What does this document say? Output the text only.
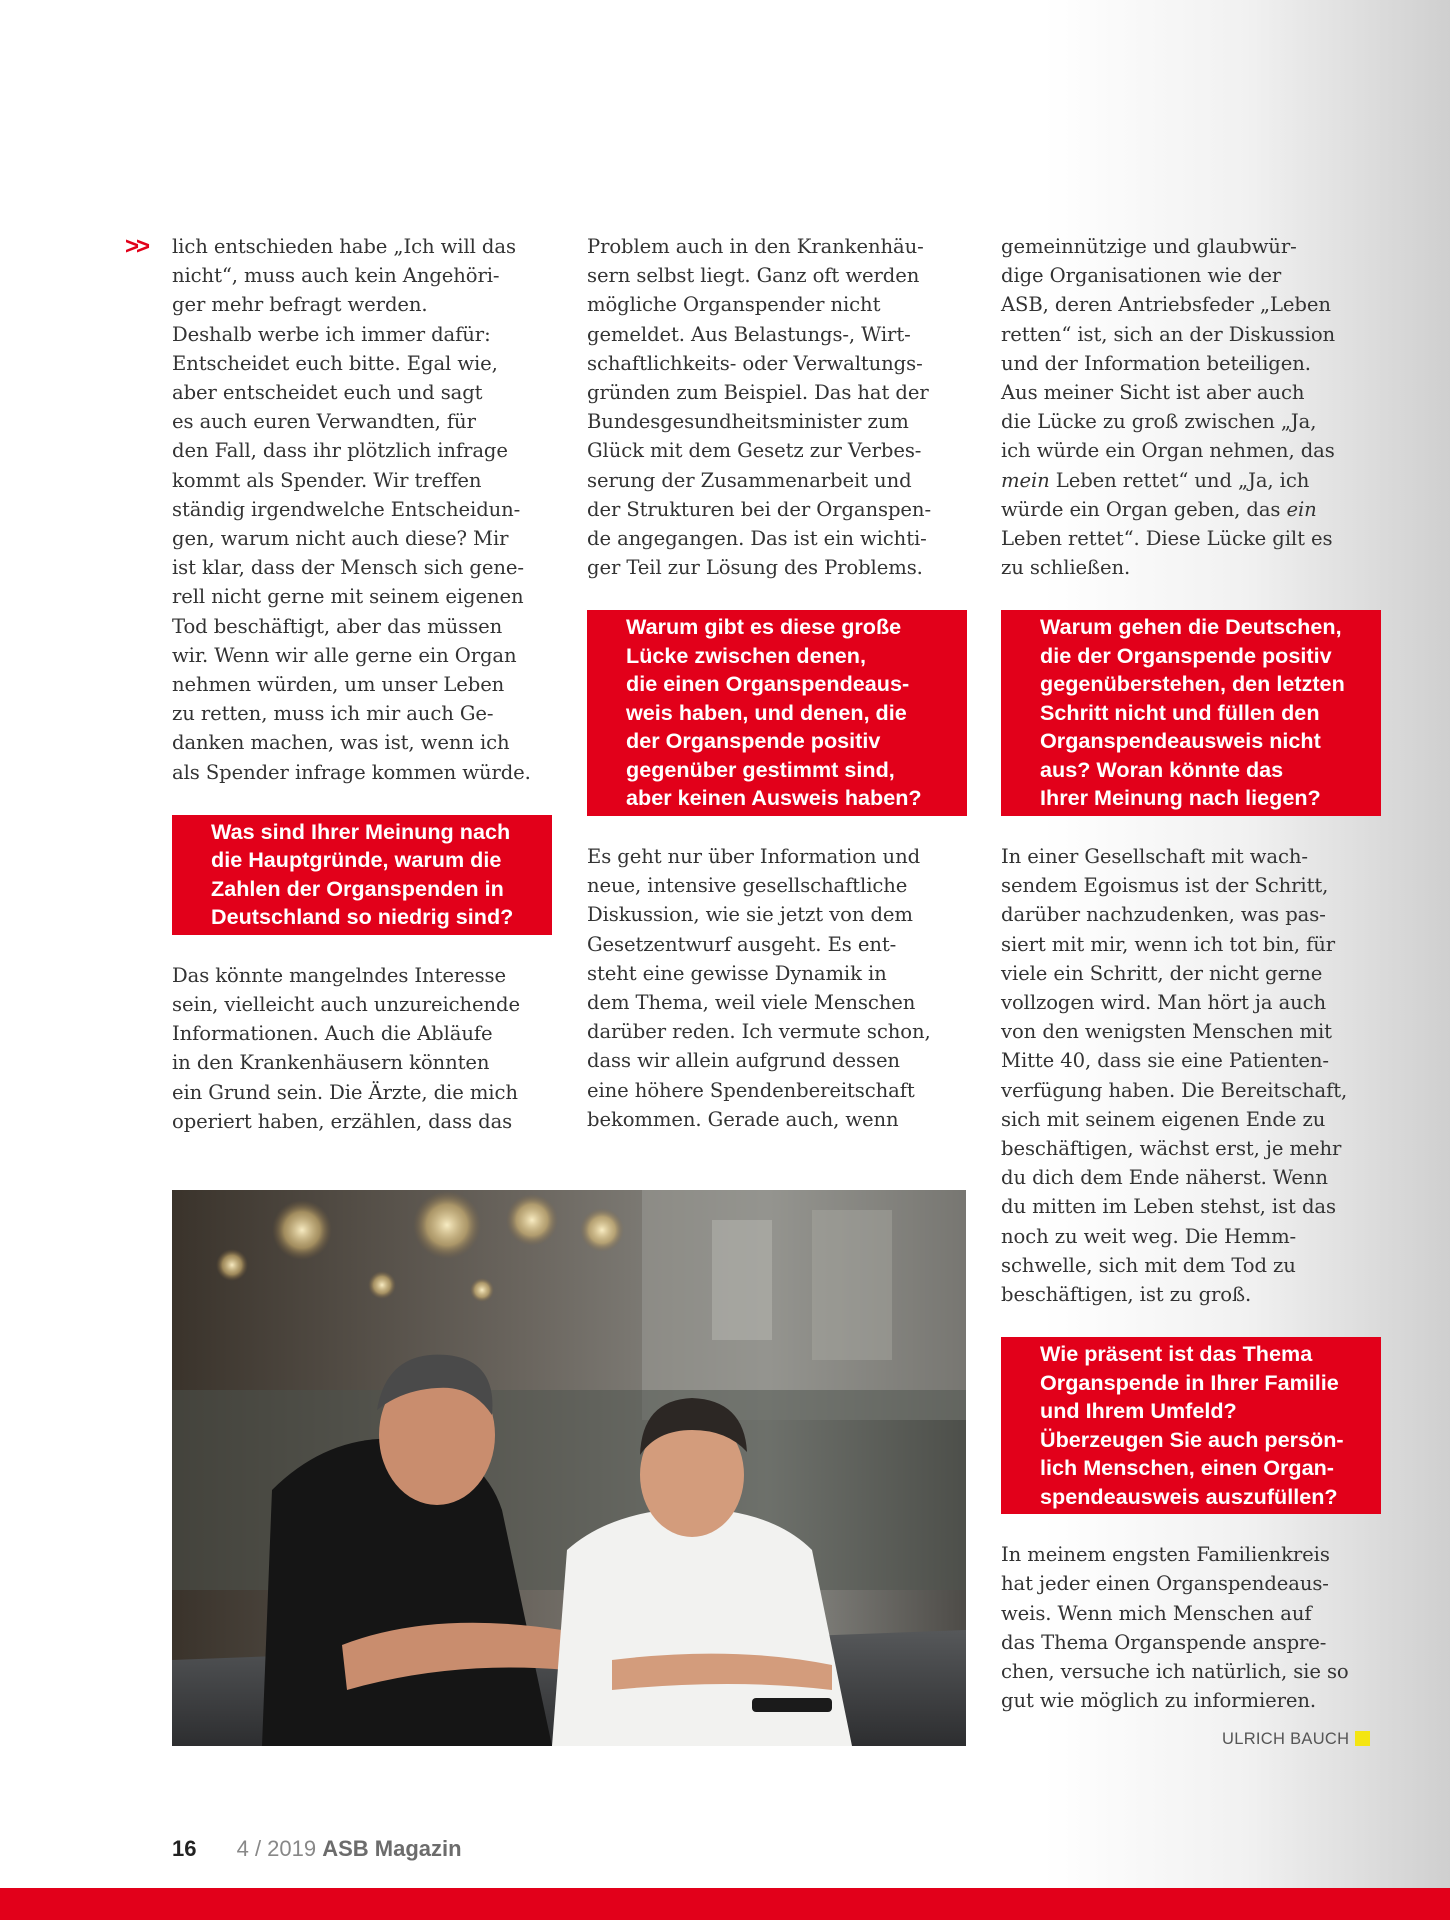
>> lich entschieden habe „Ich will das
nicht“, muss auch kein Angehöri-
ger mehr befragt werden.
Deshalb werbe ich immer dafür:
Entscheidet euch bitte. Egal wie,
aber entscheidet euch und sagt
es auch euren Verwandten, für
den Fall, dass ihr plötzlich infrage
kommt als Spender. Wir treffen
ständig irgendwelche Entscheidun-
gen, warum nicht auch diese? Mir
ist klar, dass der Mensch sich gene-
rell nicht gerne mit seinem eigenen
Tod beschäftigt, aber das müssen
wir. Wenn wir alle gerne ein Organ
nehmen würden, um unser Leben
zu retten, muss ich mir auch Ge-
danken machen, was ist, wenn ich
als Spender infrage kommen würde.

Was sind Ihrer Meinung nach
die Hauptgründe, warum die
Zahlen der Organspenden in
Deutschland so niedrig sind?

Das könnte mangelndes Interesse
sein, vielleicht auch unzureichende
Informationen. Auch die Abläufe
in den Krankenhäusern könnten
ein Grund sein. Die Ärzte, die mich
operiert haben, erzählen, dass das

Problem auch in den Krankenhäu-
sern selbst liegt. Ganz oft werden
mögliche Organspender nicht
gemeldet. Aus Belastungs-, Wirt-
schaftlichkeits- oder Verwaltungs-
gründen zum Beispiel. Das hat der
Bundesgesundheitsminister zum
Glück mit dem Gesetz zur Verbes-
serung der Zusammenarbeit und
der Strukturen bei der Organspen-
de angegangen. Das ist ein wichti-
ger Teil zur Lösung des Problems.

Warum gibt es diese große
Lücke zwischen denen,
die einen Organspendeaus-
weis haben, und denen, die
der Organspende positiv
gegenüber gestimmt sind,
aber keinen Ausweis haben?

Es geht nur über Information und
neue, intensive gesellschaftliche
Diskussion, wie sie jetzt von dem
Gesetzentwurf ausgeht. Es ent-
steht eine gewisse Dynamik in
dem Thema, weil viele Menschen
darüber reden. Ich vermute schon,
dass wir allein aufgrund dessen
eine höhere Spendenbereitschaft
bekommen. Gerade auch, wenn

gemeinnützige und glaubwür-
dige Organisationen wie der
ASB, deren Antriebsfeder „Leben
retten“ ist, sich an der Diskussion
und der Information beteiligen.
Aus meiner Sicht ist aber auch
die Lücke zu groß zwischen „Ja,
ich würde ein Organ nehmen, das
mein Leben rettet“ und „Ja, ich
würde ein Organ geben, das ein
Leben rettet“. Diese Lücke gilt es
zu schließen.

Warum gehen die Deutschen,
die der Organspende positiv
gegenüberstehen, den letzten
Schritt nicht und füllen den
Organspendeausweis nicht
aus? Woran könnte das
Ihrer Meinung nach liegen?

In einer Gesellschaft mit wach-
sendem Egoismus ist der Schritt,
darüber nachzudenken, was pas-
siert mit mir, wenn ich tot bin, für
viele ein Schritt, der nicht gerne
vollzogen wird. Man hört ja auch
von den wenigsten Menschen mit
Mitte 40, dass sie eine Patienten-
verfügung haben. Die Bereitschaft,
sich mit seinem eigenen Ende zu
beschäftigen, wächst erst, je mehr
du dich dem Ende näherst. Wenn
du mitten im Leben stehst, ist das
noch zu weit weg. Die Hemm-
schwelle, sich mit dem Tod zu
beschäftigen, ist zu groß.

Wie präsent ist das Thema
Organspende in Ihrer Familie
und Ihrem Umfeld?
Überzeugen Sie auch persön-
lich Menschen, einen Organ-
spendeausweis auszufüllen?

In meinem engsten Familienkreis
hat jeder einen Organspendeaus-
weis. Wenn mich Menschen auf
das Thema Organspende anspre-
chen, versuche ich natürlich, sie so
gut wie möglich zu informieren.

ULRICH BAUCH
16 4 / 2019 ASB Magazin
